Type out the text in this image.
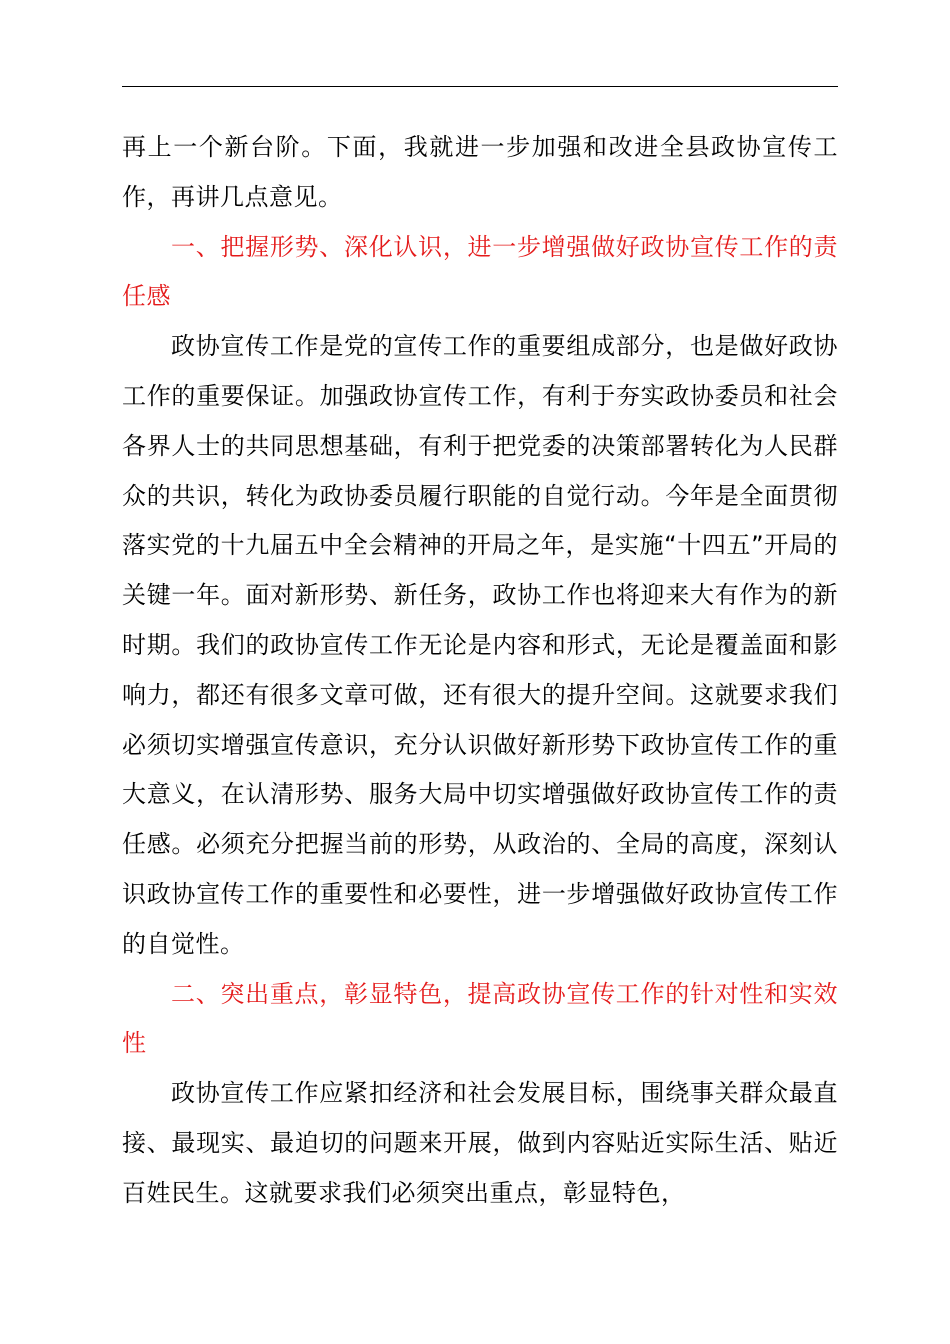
再上一个新台阶。下面，我就进一步加强和改进全县政协宣传工作，再讲几点意见。

一、把握形势、深化认识，进一步增强做好政协宣传工作的责任感

政协宣传工作是党的宣传工作的重要组成部分，也是做好政协工作的重要保证。加强政协宣传工作，有利于夯实政协委员和社会各界人士的共同思想基础，有利于把党委的决策部署转化为人民群众的共识，转化为政协委员履行职能的自觉行动。今年是全面贯彻落实党的十九届五中全会精神的开局之年，是实施“十四五”开局的关键一年。面对新形势、新任务，政协工作也将迎来大有作为的新时期。我们的政协宣传工作无论是内容和形式，无论是覆盖面和影响力，都还有很多文章可做，还有很大的提升空间。这就要求我们必须切实增强宣传意识，充分认识做好新形势下政协宣传工作的重大意义，在认清形势、服务大局中切实增强做好政协宣传工作的责任感。必须充分把握当前的形势，从政治的、全局的高度，深刻认识政协宣传工作的重要性和必要性，进一步增强做好政协宣传工作的自觉性。

二、突出重点，彰显特色，提高政协宣传工作的针对性和实效性

政协宣传工作应紧扣经济和社会发展目标，围绕事关群众最直接、最现实、最迫切的问题来开展，做到内容贴近实际生活、贴近百姓民生。这就要求我们必须突出重点，彰显特色，
